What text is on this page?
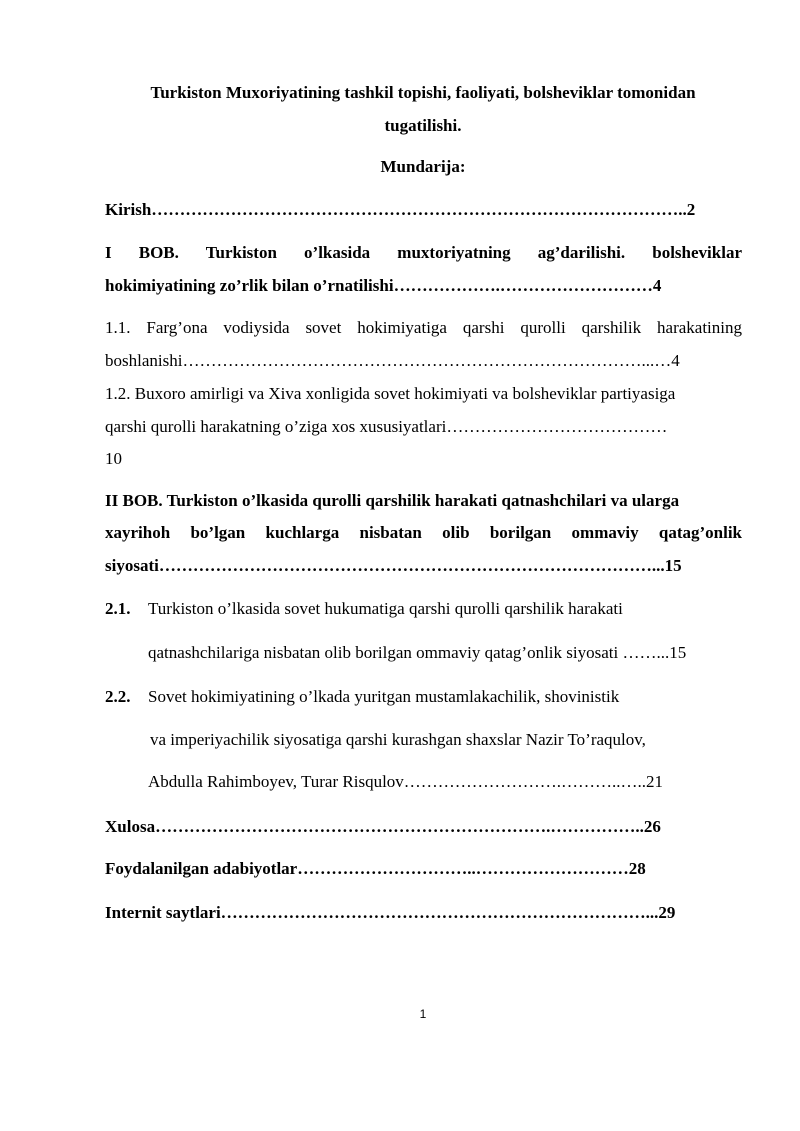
Turkiston Muxoriyatining tashkil topishi, faoliyati, bolsheviklar tomonidan tugatilishi.
Mundarija:
Kirish…………………………………………………………………………………..2
I BOB. Turkiston o’lkasida muxtoriyatning ag’darilishi. bolsheviklar
hokimiyatining zo’rlik bilan o’rnatilishi……………….………………………4
1.1. Farg’ona vodiysida sovet hokimiyatiga qarshi qurolli qarshilik harakatining
boshlanishi………………………………………………………………………...…4
1.2. Buxoro amirligi va Xiva xonligida sovet hokimiyati va bolsheviklar partiyasiga
qarshi qurolli harakatning o’ziga xos xususiyatlari…………………………………
10
II BOB. Turkiston o’lkasida qurolli qarshilik harakati qatnashchilari va ularga
xayrihoh bo’lgan kuchlarga nisbatan olib borilgan ommaviy qatag’onlik
siyosati……………………………………………………………………………...15
2.1. Turkiston o’lkasida sovet hukumatiga qarshi qurolli qarshilik harakati
qatnashchilariga nisbatan olib borilgan ommaviy qatag’onlik siyosati ……...15
2.2. Sovet hokimiyatining o’lkada yuritgan mustamlakachilik, shovinistik
va imperiyachilik siyosatiga qarshi kurashgan shaxslar Nazir To’raqulov,
Abdulla Rahimboyev, Turar Risqulov……………………….………..…..21
Xulosa…………………………………………………………….……………..26
Foydalanilgan adabiyotlar…………………………..………………………28
Internit saytlari…………………………………………………………………...29
1
